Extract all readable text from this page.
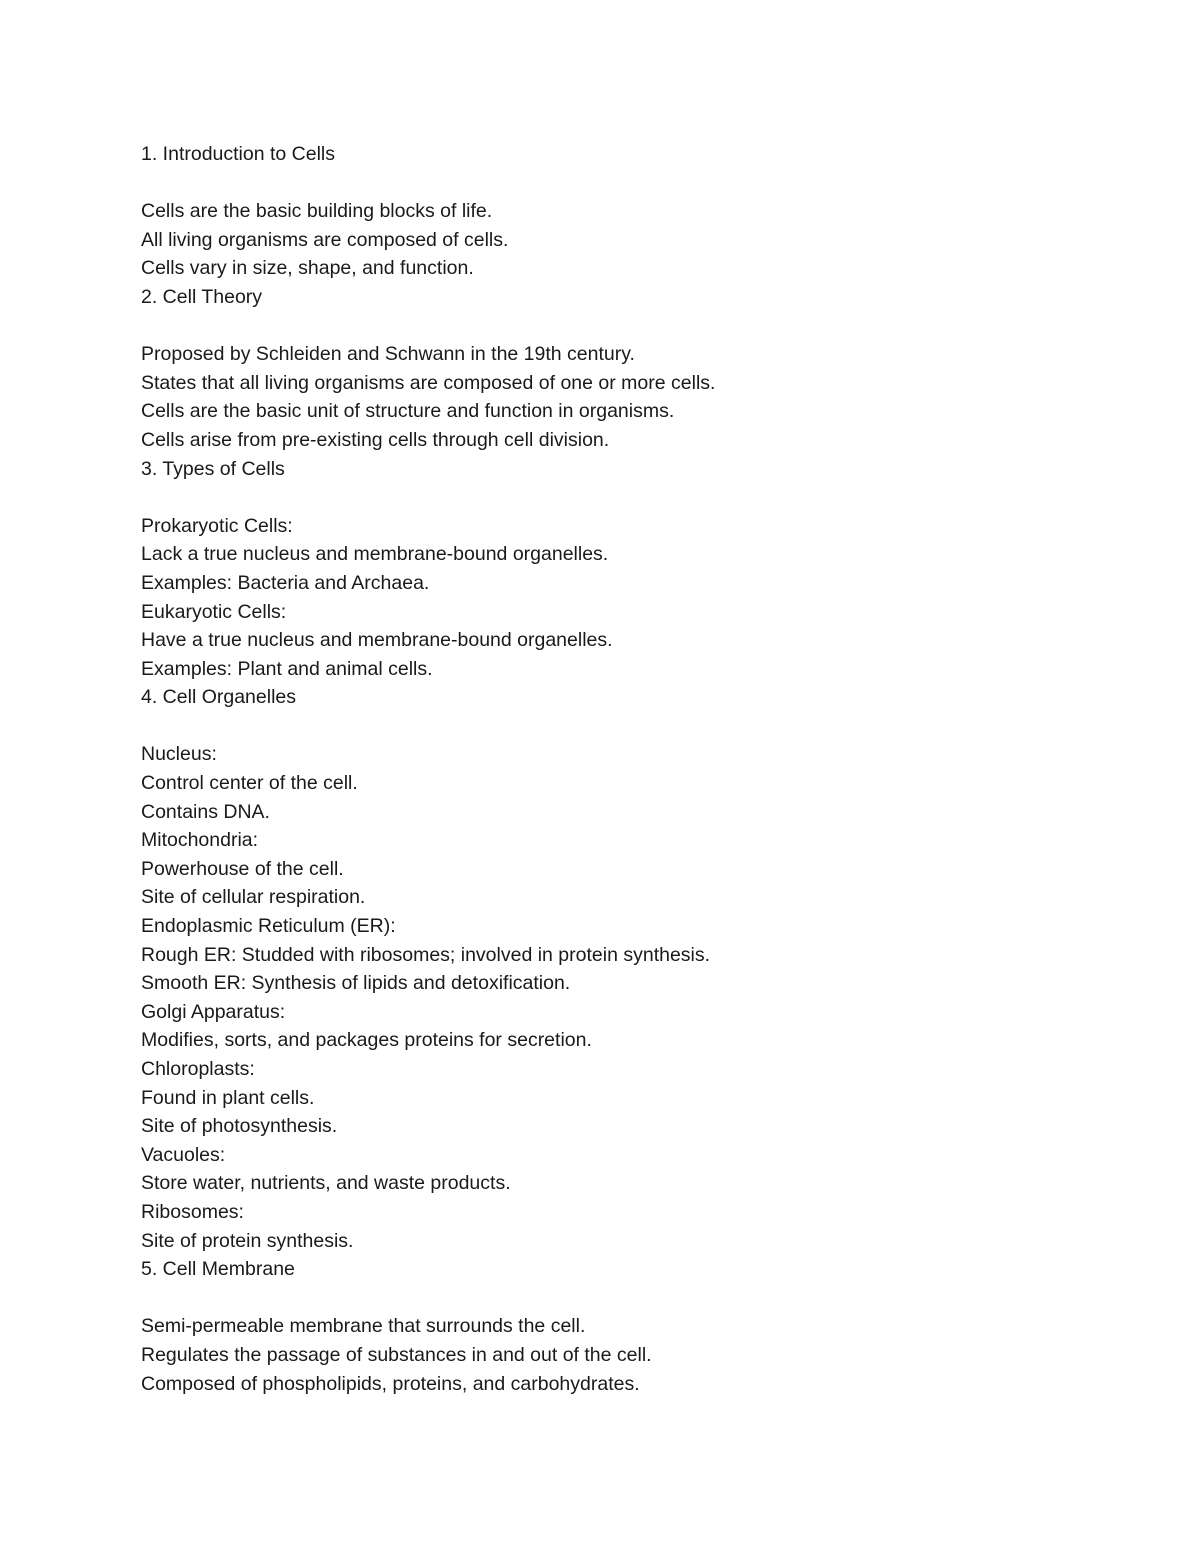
1. Introduction to Cells
Cells are the basic building blocks of life.
All living organisms are composed of cells.
Cells vary in size, shape, and function.
2. Cell Theory
Proposed by Schleiden and Schwann in the 19th century.
States that all living organisms are composed of one or more cells.
Cells are the basic unit of structure and function in organisms.
Cells arise from pre-existing cells through cell division.
3. Types of Cells
Prokaryotic Cells:
Lack a true nucleus and membrane-bound organelles.
Examples: Bacteria and Archaea.
Eukaryotic Cells:
Have a true nucleus and membrane-bound organelles.
Examples: Plant and animal cells.
4. Cell Organelles
Nucleus:
Control center of the cell.
Contains DNA.
Mitochondria:
Powerhouse of the cell.
Site of cellular respiration.
Endoplasmic Reticulum (ER):
Rough ER: Studded with ribosomes; involved in protein synthesis.
Smooth ER: Synthesis of lipids and detoxification.
Golgi Apparatus:
Modifies, sorts, and packages proteins for secretion.
Chloroplasts:
Found in plant cells.
Site of photosynthesis.
Vacuoles:
Store water, nutrients, and waste products.
Ribosomes:
Site of protein synthesis.
5. Cell Membrane
Semi-permeable membrane that surrounds the cell.
Regulates the passage of substances in and out of the cell.
Composed of phospholipids, proteins, and carbohydrates.
